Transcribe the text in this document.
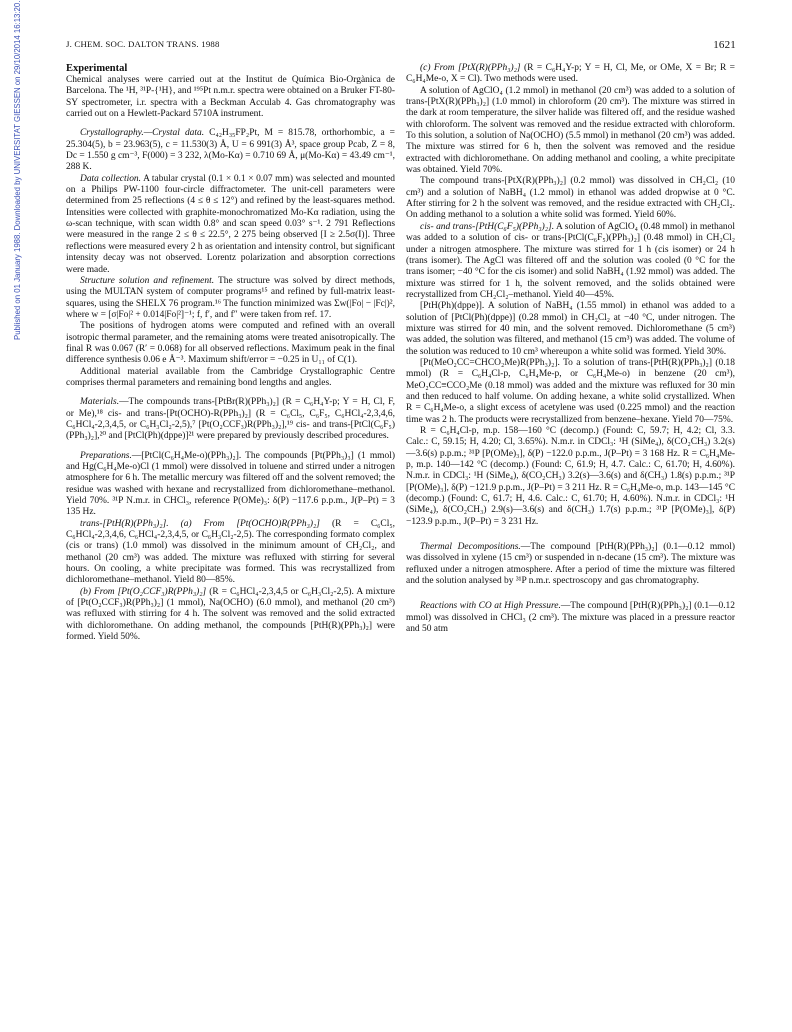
J. CHEM. SOC. DALTON TRANS. 1988	1621
Published on 01 January 1988. Downloaded by UNIVERSITAT GIESSEN on 29/10/2014 16:13:20.	Experimental

Chemical analyses were carried out at the Institut de Química Bio-Orgànica de Barcelona. The ¹H, ³¹P-{¹H}, and ¹⁹⁵Pt n.m.r. spectra were obtained on a Bruker FT-80-SY spectrometer, i.r. spectra with a Beckman Acculab 4. Gas chromatography was carried out on a Hewlett-Packard 5710A instrument.

Crystallography.—Crystal data. C₄₂H₃₅FP₂Pt, M = 815.78, orthorhombic, a = 25.304(5), b = 23.963(5), c = 11.530(3) Å, U = 6 991(3) Å³, space group Pcab, Z = 8, Dc = 1.550 g cm⁻³, F(000) = 3 232, λ(Mo-Kα) = 0.710 69 Å, μ(Mo-Kα) = 43.49 cm⁻¹, 288 K.

Data collection. A tabular crystal (0.1 × 0.1 × 0.07 mm) was selected and mounted on a Philips PW-1100 four-circle diffractometer. The unit-cell parameters were determined from 25 reflections (4 ≤ θ ≤ 12°) and refined by the least-squares method. Intensities were collected with graphite-monochromatized Mo-Kα radiation, using the ω-scan technique, with scan width 0.8° and scan speed 0.03° s⁻¹. 2 791 Reflections were measured in the range 2 ≤ θ ≤ 22.5°, 2 275 being observed [I ≥ 2.5σ(I)]. Three reflections were measured every 2 h as orientation and intensity control, but significant intensity decay was not observed. Lorentz polarization and absorption corrections were made.

Structure solution and refinement. The structure was solved by direct methods, using the MULTAN system of computer programs¹⁵ and refined by full-matrix least-squares, using the SHELX 76 program.¹⁶ The function minimized was Σw(|Fo| − |Fc|)², where w = [σ|Fo|² + 0.014|Fo|²]⁻¹; f, f′, and f″ were taken from ref. 17.

The positions of hydrogen atoms were computed and refined with an overall isotropic thermal parameter, and the remaining atoms were treated anisotropically. The final R was 0.067 (R′ = 0.068) for all observed reflections. Maximum peak in the final difference synthesis 0.06 e Å⁻³. Maximum shift/error = −0.25 in U₁₁ of C(1).

Additional material available from the Cambridge Crystallographic Centre comprises thermal parameters and remaining bond lengths and angles.

Materials.—The compounds trans-[PtBr(R)(PPh₃)₂] (R = C₆H₄Y-p; Y = H, Cl, F, or Me),¹⁸ cis- and trans-[Pt(OCHO)-R(PPh₃)₂] (R = C₆Cl₅, C₆F₅, C₆HCl₄-2,3,4,6, C₆HCl₄-2,3,4,5, or C₆H₃Cl₂-2,5),⁷ [Pt(O₂CCF₃)R(PPh₃)₂],¹⁹ cis- and trans-[PtCl(C₆F₅)(PPh₃)₂],²⁰ and [PtCl(Ph)(dppe)]²¹ were prepared by previously described procedures.

Preparations.—[PtCl(C₆H₄Me-o)(PPh₃)₂]. The compounds [Pt(PPh₃)₃] (1 mmol) and Hg(C₆H₄Me-o)Cl (1 mmol) were dissolved in toluene and stirred under a nitrogen atmosphere for 6 h. The metallic mercury was filtered off and the solvent removed; the residue was washed with hexane and recrystallized from dichloromethane–methanol. Yield 70%. ³¹P N.m.r. in CHCl₃, reference P(OMe)₃: δ(P) −117.6 p.p.m., J(P–Pt) = 3 135 Hz.

trans-[PtH(R)(PPh₃)₂]. (a) From [Pt(OCHO)R(PPh₃)₂] (R = C₆Cl₅, C₆HCl₄-2,3,4,6, C₆HCl₄-2,3,4,5, or C₆H₃Cl₂-2,5). The corresponding formato complex (cis or trans) (1.0 mmol) was dissolved in the minimum amount of CH₂Cl₂, and methanol (20 cm³) was added. The mixture was refluxed with stirring for several hours. On cooling, a white precipitate was formed. This was recrystallized from dichloromethane–methanol. Yield 80—85%.

(b) From [Pt(O₂CCF₃)R(PPh₃)₂] (R = C₆HCl₄-2,3,4,5 or C₆H₃Cl₂-2,5). A mixture of [Pt(O₂CCF₃)R(PPh₃)₂] (1 mmol), Na(OCHO) (6.0 mmol), and methanol (20 cm³) was refluxed with stirring for 4 h. The solvent was removed and the solid extracted with dichloromethane. On adding methanol, the compounds [PtH(R)(PPh₃)₂] were formed. Yield 50%.

(c) From [PtX(R)(PPh₃)₂] (R = C₆H₄Y-p; Y = H, Cl, Me, or OMe, X = Br; R = C₆H₄Me-o, X = Cl). Two methods were used.

A solution of AgClO₄ (1.2 mmol) in methanol (20 cm³) was added to a solution of trans-[PtX(R)(PPh₃)₂] (1.0 mmol) in chloroform (20 cm³). The mixture was stirred in the dark at room temperature, the silver halide was filtered off, and the residue washed with chloroform. The solvent was removed and the residue extracted with chloroform. To this solution, a solution of Na(OCHO) (5.5 mmol) in methanol (20 cm³) was added. The mixture was stirred for 6 h, then the solvent was removed and the residue extracted with dichloromethane. On adding methanol and cooling, a white precipitate was obtained. Yield 70%.

The compound trans-[PtX(R)(PPh₃)₂] (0.2 mmol) was dissolved in CH₂Cl₂ (10 cm³) and a solution of NaBH₄ (1.2 mmol) in ethanol was added dropwise at 0 °C. After stirring for 2 h the solvent was removed, and the residue extracted with CH₂Cl₂. On adding methanol to a solution a white solid was formed. Yield 60%.

cis- and trans-[PtH(C₆F₅)(PPh₃)₂]. A solution of AgClO₄ (0.48 mmol) in methanol was added to a solution of cis- or trans-[PtCl(C₆F₅)(PPh₃)₂] (0.48 mmol) in CH₂Cl₂ under a nitrogen atmosphere. The mixture was stirred for 1 h (cis isomer) or 24 h (trans isomer). The AgCl was filtered off and the solution was cooled (0 °C for the trans isomer; −40 °C for the cis isomer) and solid NaBH₄ (1.92 mmol) was added. The mixture was stirred for 1 h, the solvent removed, and the solids obtained were recrystallized from CH₂Cl₂–methanol. Yield 40—45%.

[PtH(Ph)(dppe)]. A solution of NaBH₄ (1.55 mmol) in ethanol was added to a solution of [PtCl(Ph)(dppe)] (0.28 mmol) in CH₂Cl₂ at −40 °C, under nitrogen. The mixture was stirred for 40 min, and the solvent removed. Dichloromethane (5 cm³) was added, the solution was filtered, and methanol (15 cm³) was added. The volume of the solution was reduced to 10 cm³ whereupon a white solid was formed. Yield 30%.

[Pt(MeO₂CC=CHCO₂Me)R(PPh₃)₂]. To a solution of trans-[PtH(R)(PPh₃)₂] (0.18 mmol) (R = C₆H₄Cl-p, C₆H₄Me-p, or C₆H₄Me-o) in benzene (20 cm³), MeO₂CC≡CCO₂Me (0.18 mmol) was added and the mixture was refluxed for 30 min and then reduced to half volume. On adding hexane, a white solid crystallized. When R = C₆H₄Me-o, a slight excess of acetylene was used (0.225 mmol) and the reaction time was 2 h. The products were recrystallized from benzene–hexane. Yield 70—75%.

R = C₆H₄Cl-p, m.p. 158—160 °C (decomp.) (Found: C, 59.7; H, 4.2; Cl, 3.3. Calc.: C, 59.15; H, 4.20; Cl, 3.65%). N.m.r. in CDCl₃: ¹H (SiMe₄), δ(CO₂CH₃) 3.2(s)—3.6(s) p.p.m.; ³¹P [P(OMe)₃], δ(P) −122.0 p.p.m., J(P–Pt) = 3 168 Hz. R = C₆H₄Me-p, m.p. 140—142 °C (decomp.) (Found: C, 61.9; H, 4.7. Calc.: C, 61.70; H, 4.60%). N.m.r. in CDCl₃: ¹H (SiMe₄), δ(CO₂CH₃) 3.2(s)—3.6(s) and δ(CH₃) 1.8(s) p.p.m.; ³¹P [P(OMe)₃], δ(P) −121.9 p.p.m., J(P–Pt) = 3 211 Hz. R = C₆H₄Me-o, m.p. 143—145 °C (decomp.) (Found: C, 61.7; H, 4.6. Calc.: C, 61.70; H, 4.60%). N.m.r. in CDCl₃: ¹H (SiMe₄), δ(CO₂CH₃) 2.9(s)—3.6(s) and δ(CH₃) 1.7(s) p.p.m.; ³¹P [P(OMe)₃], δ(P) −123.9 p.p.m., J(P–Pt) = 3 231 Hz.

Thermal Decompositions.—The compound [PtH(R)(PPh₃)₂] (0.1—0.12 mmol) was dissolved in xylene (15 cm³) or suspended in n-decane (15 cm³). The mixture was refluxed under a nitrogen atmosphere. After a period of time the mixture was filtered and the solution analysed by ³¹P n.m.r. spectroscopy and gas chromatography.

Reactions with CO at High Pressure.—The compound [PtH(R)(PPh₃)₂] (0.1—0.12 mmol) was dissolved in CHCl₃ (2 cm³). The mixture was placed in a pressure reactor and 50 atm
